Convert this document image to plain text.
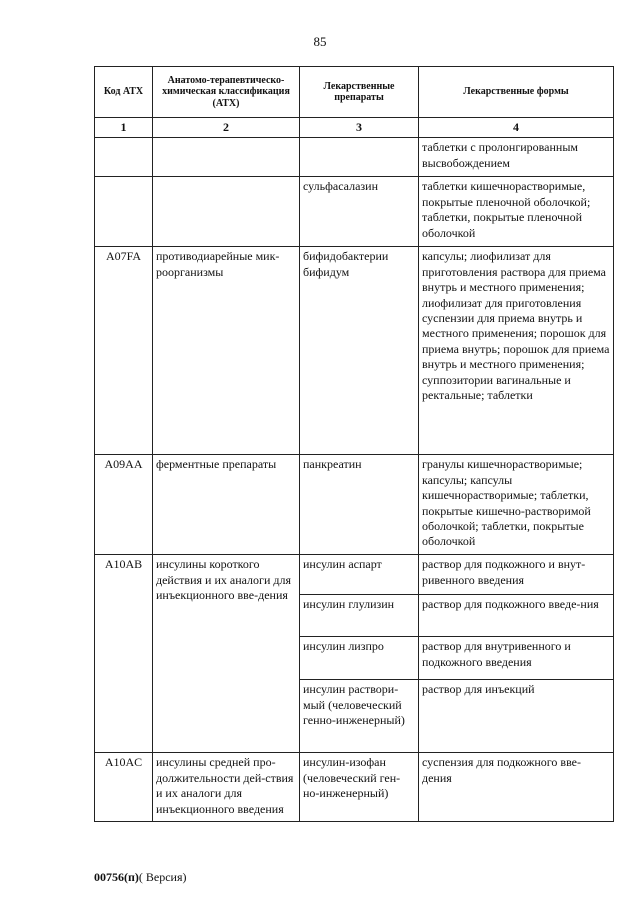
85
Код АТХ	Анатомо-терапевтическо-химическая классификация (АТХ)	Лекарственные препараты	Лекарственные формы
1	2	3	4
			таблетки с пролонгированным высвобождением
		сульфасалазин	таблетки кишечнорастворимые, покрытые пленочной оболочкой; таблетки, покрытые пленочной оболочкой
A07FA	противодиарейные мик-роорганизмы	бифидобактерии бифидум	капсулы; лиофилизат для приготовления раствора для приема внутрь и местного применения; лиофилизат для приготовления суспензии для приема внутрь и местного применения; порошок для приема внутрь; порошок для приема внутрь и местного применения; суппозитории вагинальные и ректальные; таблетки
A09AA	ферментные препараты	панкреатин	гранулы кишечнорастворимые; капсулы; капсулы кишечнорастворимые; таблетки, покрытые кишечно-растворимой оболочкой; таблетки, покрытые оболочкой
A10AB	инсулины короткого действия и их аналоги для инъекционного вве-дения	инсулин аспарт	раствор для подкожного и внут-ривенного введения
		инсулин глулизин	раствор для подкожного введе-ния
		инсулин лизпро	раствор для внутривенного и подкожного введения
		инсулин раствори-мый (человеческий генно-инженерный)	раствор для инъекций
A10AC	инсулины средней про-должительности дей-ствия и их аналоги для инъекционного введения	инсулин-изофан (человеческий ген-но-инженерный)	суспензия для подкожного вве-дения
00756(п)( Версия)
